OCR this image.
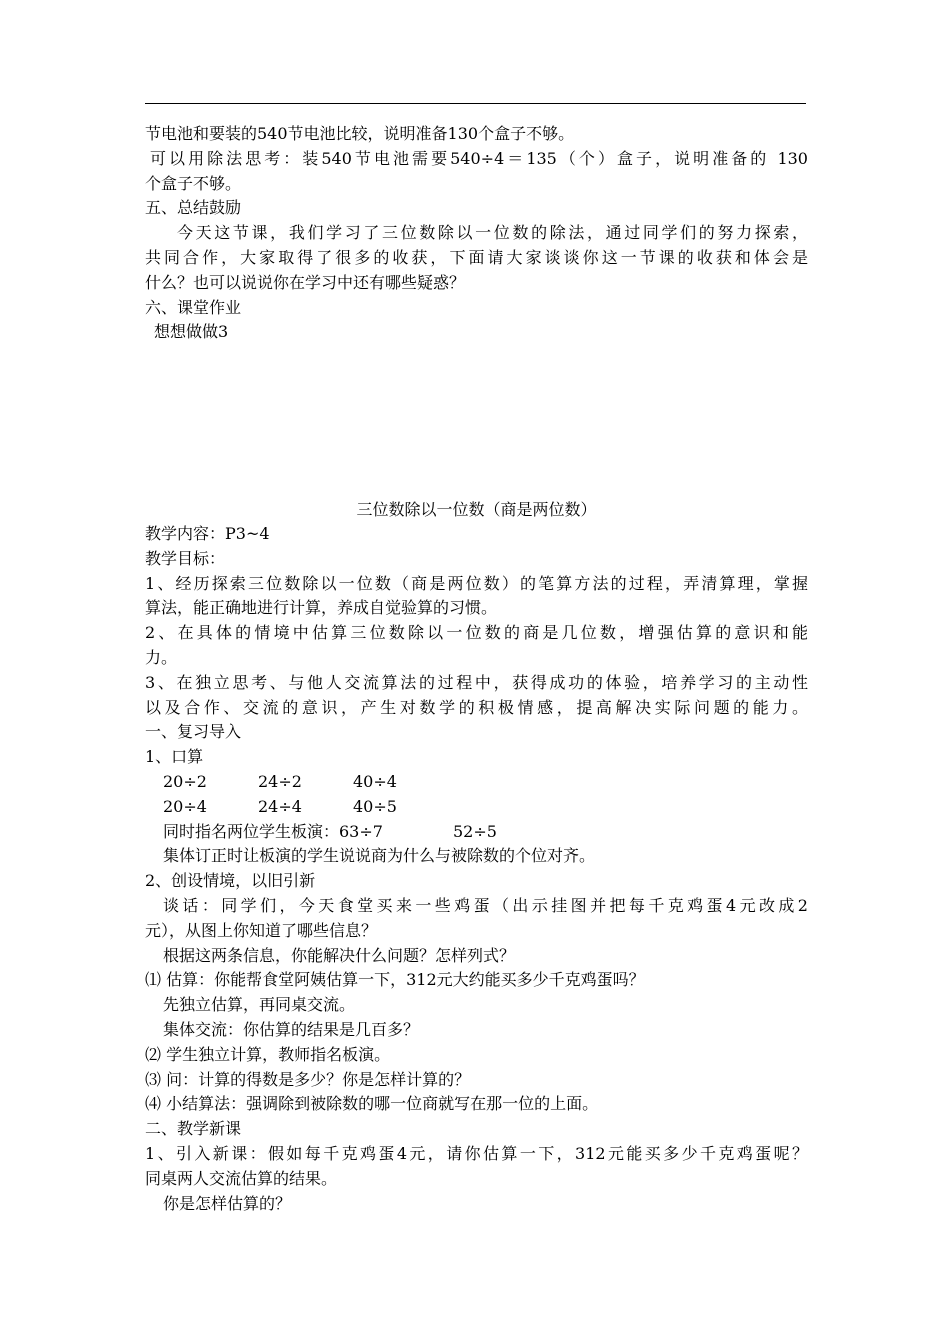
节电池和要装的540节电池比较，说明准备130个盒子不够。
可以用除法思考：装540节电池需要540÷4＝135（个）盒子，说明准备的 130
个盒子不够。
五、总结鼓励
今天这节课，我们学习了三位数除以一位数的除法，通过同学们的努力探索，
共同合作，大家取得了很多的收获，下面请大家谈谈你这一节课的收获和体会是
什么？也可以说说你在学习中还有哪些疑惑？
六、课堂作业
想想做做3
三位数除以一位数（商是两位数）
教学内容：P3~4
教学目标：
1、经历探索三位数除以一位数（商是两位数）的笔算方法的过程，弄清算理，掌握
算法，能正确地进行计算，养成自觉验算的习惯。
2、在具体的情境中估算三位数除以一位数的商是几位数，增强估算的意识和能
力。
3、在独立思考、与他人交流算法的过程中，获得成功的体验，培养学习的主动性
以及合作、交流的意识，产生对数学的积极情感，提高解决实际问题的能力。
一、复习导入
1、口算
20÷2	24÷2	40÷4
20÷4	24÷4	40÷5
同时指名两位学生板演：63÷7	52÷5
集体订正时让板演的学生说说商为什么与被除数的个位对齐。
2、创设情境，以旧引新
谈话：同学们，今天食堂买来一些鸡蛋（出示挂图并把每千克鸡蛋4元改成2
元），从图上你知道了哪些信息？
根据这两条信息，你能解决什么问题？怎样列式？
⑴ 估算：你能帮食堂阿姨估算一下，312元大约能买多少千克鸡蛋吗？
先独立估算，再同桌交流。
集体交流：你估算的结果是几百多？
⑵ 学生独立计算，教师指名板演。
⑶ 问：计算的得数是多少？你是怎样计算的？
⑷ 小结算法：强调除到被除数的哪一位商就写在那一位的上面。
二、教学新课
1、引入新课：假如每千克鸡蛋4元，请你估算一下，312元能买多少千克鸡蛋呢？
同桌两人交流估算的结果。
你是怎样估算的？
